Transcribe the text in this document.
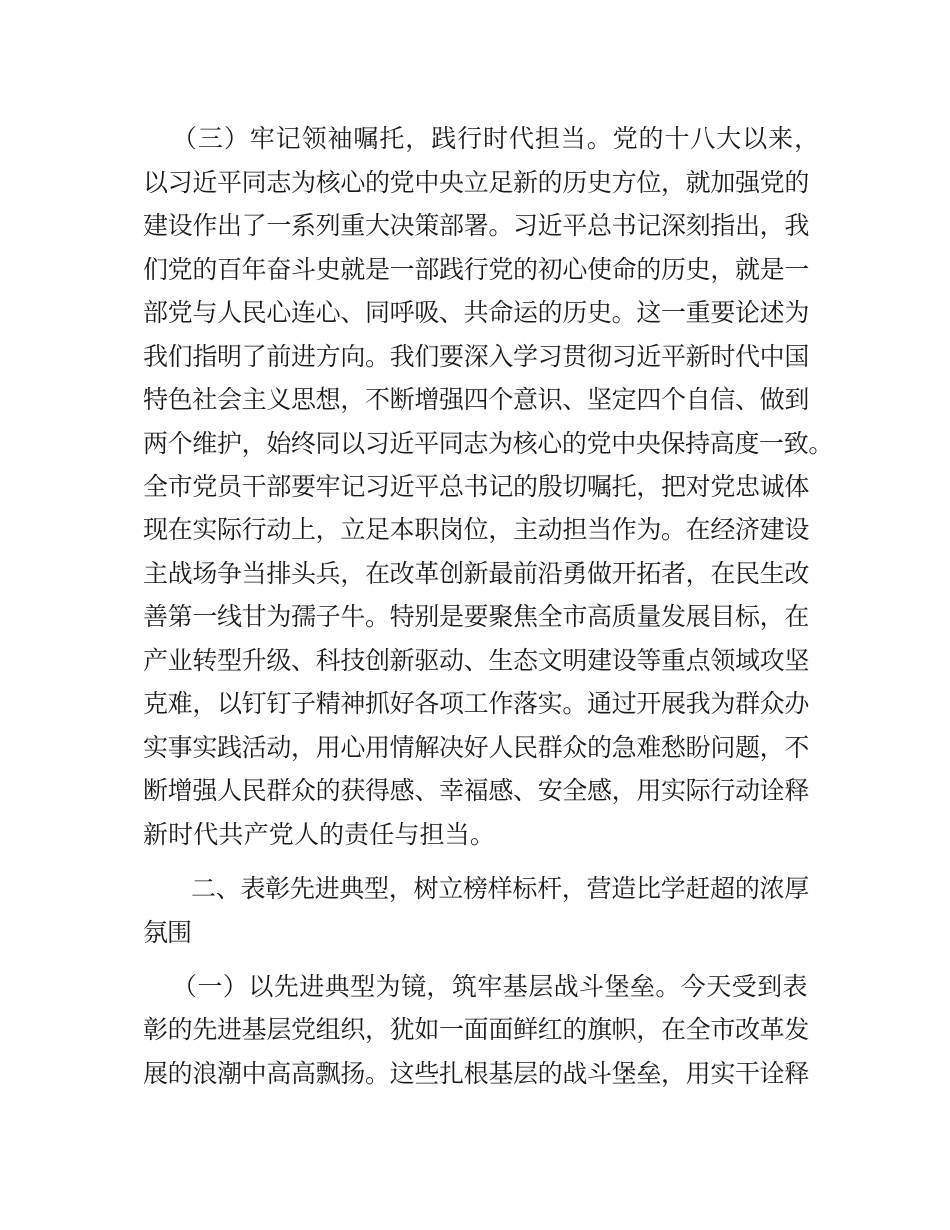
（三）牢记领袖嘱托，践行时代担当。党的十八大以来，
以习近平同志为核心的党中央立足新的历史方位，就加强党的
建设作出了一系列重大决策部署。习近平总书记深刻指出，我
们党的百年奋斗史就是一部践行党的初心使命的历史，就是一
部党与人民心连心、同呼吸、共命运的历史。这一重要论述为
我们指明了前进方向。我们要深入学习贯彻习近平新时代中国
特色社会主义思想，不断增强四个意识、坚定四个自信、做到
两个维护，始终同以习近平同志为核心的党中央保持高度一致。
全市党员干部要牢记习近平总书记的殷切嘱托，把对党忠诚体
现在实际行动上，立足本职岗位，主动担当作为。在经济建设
主战场争当排头兵，在改革创新最前沿勇做开拓者，在民生改
善第一线甘为孺子牛。特别是要聚焦全市高质量发展目标，在
产业转型升级、科技创新驱动、生态文明建设等重点领域攻坚
克难，以钉钉子精神抓好各项工作落实。通过开展我为群众办
实事实践活动，用心用情解决好人民群众的急难愁盼问题，不
断增强人民群众的获得感、幸福感、安全感，用实际行动诠释
新时代共产党人的责任与担当。
二、表彰先进典型，树立榜样标杆，营造比学赶超的浓厚
氛围
（一）以先进典型为镜，筑牢基层战斗堡垒。今天受到表
彰的先进基层党组织，犹如一面面鲜红的旗帜，在全市改革发
展的浪潮中高高飘扬。这些扎根基层的战斗堡垒，用实干诠释
